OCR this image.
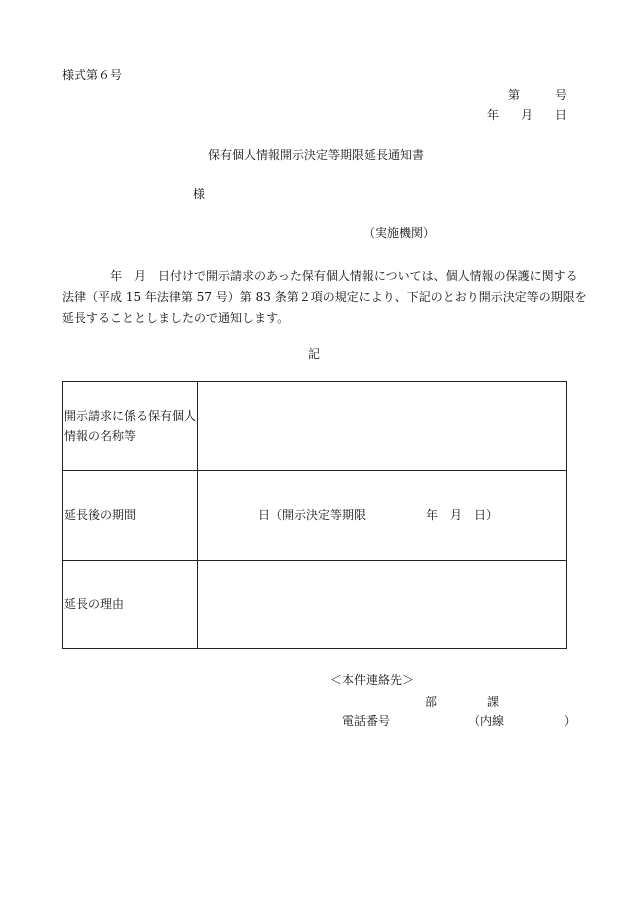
様式第６号
第	号
年 月 日
保有個人情報開示決定等期限延長通知書
様
（実施機関）
　　　　年　月　日付けで開示請求のあった保有個人情報については、個人情報の保護に関する
法律（平成 15 年法律第 57 号）第 83 条第２項の規定により、下記のとおり開示決定等の期限を
延長することとしましたので通知します。
記
開示請求に係る保有個人情報の名称等	
延長後の期間	　　　　　日（開示決定等期限　　　　　年　月　日）
延長の理由	
＜本件連絡先＞
部	課
電話番号	（内線　　　　　）
